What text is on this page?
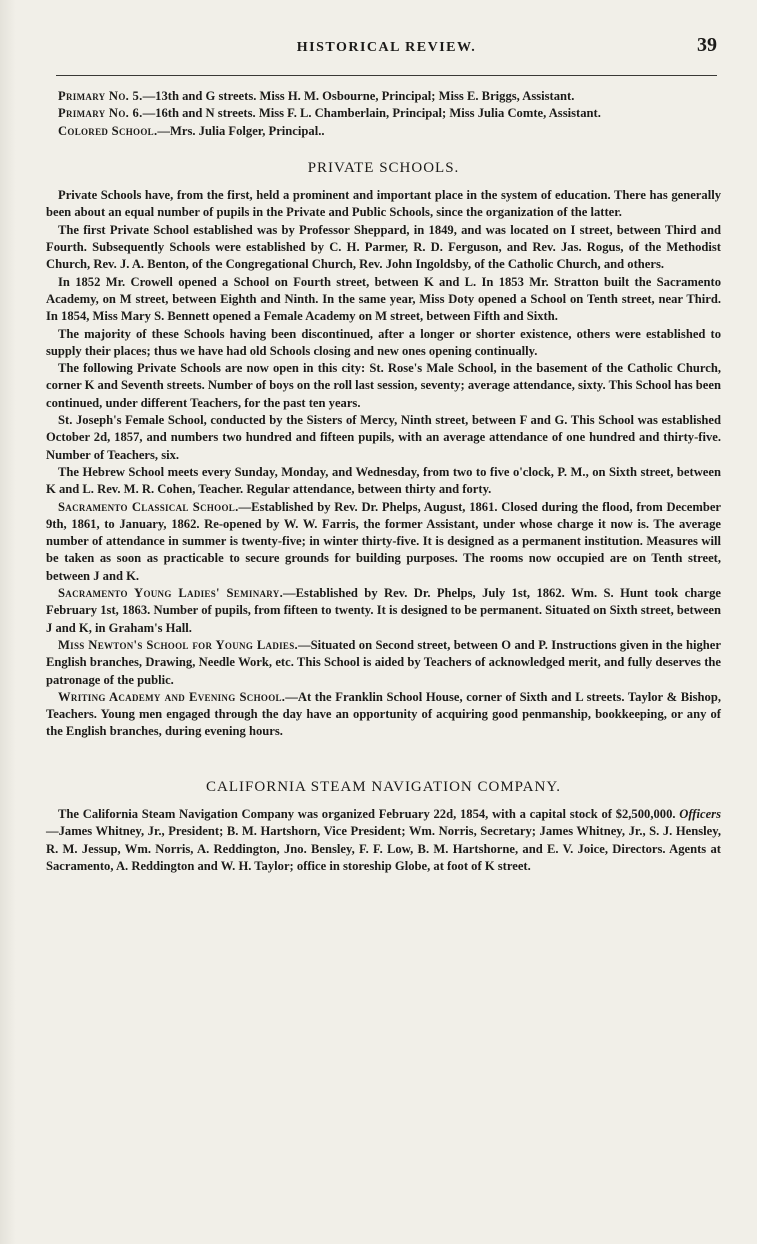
HISTORICAL REVIEW.	39

Primary No. 5.—13th and G streets. Miss H. M. Osbourne, Principal; Miss E. Briggs, Assistant.

Primary No. 6.—16th and N streets. Miss F. L. Chamberlain, Principal; Miss Julia Comte, Assistant.

Colored School.—Mrs. Julia Folger, Principal..

PRIVATE SCHOOLS.

Private Schools have, from the first, held a prominent and important place in the system of education. There has generally been about an equal number of pupils in the Private and Public Schools, since the organization of the latter.

The first Private School established was by Professor Sheppard, in 1849, and was located on I street, between Third and Fourth. Subsequently Schools were established by C. H. Parmer, R. D. Ferguson, and Rev. Jas. Rogus, of the Methodist Church, Rev. J. A. Benton, of the Congregational Church, Rev. John Ingoldsby, of the Catholic Church, and others.

In 1852 Mr. Crowell opened a School on Fourth street, between K and L. In 1853 Mr. Stratton built the Sacramento Academy, on M street, between Eighth and Ninth. In the same year, Miss Doty opened a School on Tenth street, near Third. In 1854, Miss Mary S. Bennett opened a Female Academy on M street, between Fifth and Sixth.

The majority of these Schools having been discontinued, after a longer or shorter existence, others were established to supply their places; thus we have had old Schools closing and new ones opening continually.

The following Private Schools are now open in this city: St. Rose's Male School, in the basement of the Catholic Church, corner K and Seventh streets. Number of boys on the roll last session, seventy; average attendance, sixty. This School has been continued, under different Teachers, for the past ten years.

St. Joseph's Female School, conducted by the Sisters of Mercy, Ninth street, between F and G. This School was established October 2d, 1857, and numbers two hundred and fifteen pupils, with an average attendance of one hundred and thirty-five. Number of Teachers, six.

The Hebrew School meets every Sunday, Monday, and Wednesday, from two to five o'clock, P. M., on Sixth street, between K and L. Rev. M. R. Cohen, Teacher. Regular attendance, between thirty and forty.

Sacramento Classical School.—Established by Rev. Dr. Phelps, August, 1861. Closed during the flood, from December 9th, 1861, to January, 1862. Re-opened by W. W. Farris, the former Assistant, under whose charge it now is. The average number of attendance in summer is twenty-five; in winter thirty-five. It is designed as a permanent institution. Measures will be taken as soon as practicable to secure grounds for building purposes. The rooms now occupied are on Tenth street, between J and K.

Sacramento Young Ladies' Seminary.—Established by Rev. Dr. Phelps, July 1st, 1862. Wm. S. Hunt took charge February 1st, 1863. Number of pupils, from fifteen to twenty. It is designed to be permanent. Situated on Sixth street, between J and K, in Graham's Hall.

Miss Newton's School for Young Ladies.—Situated on Second street, between O and P. Instructions given in the higher English branches, Drawing, Needle Work, etc. This School is aided by Teachers of acknowledged merit, and fully deserves the patronage of the public.

Writing Academy and Evening School.—At the Franklin School House, corner of Sixth and L streets. Taylor & Bishop, Teachers. Young men engaged through the day have an opportunity of acquiring good penmanship, bookkeeping, or any of the English branches, during evening hours.

CALIFORNIA STEAM NAVIGATION COMPANY.

The California Steam Navigation Company was organized February 22d, 1854, with a capital stock of $2,500,000. Officers—James Whitney, Jr., President; B. M. Hartshorn, Vice President; Wm. Norris, Secretary; James Whitney, Jr., S. J. Hensley, R. M. Jessup, Wm. Norris, A. Reddington, Jno. Bensley, F. F. Low, B. M. Hartshorne, and E. V. Joice, Directors. Agents at Sacramento, A. Reddington and W. H. Taylor; office in storeship Globe, at foot of K street.
